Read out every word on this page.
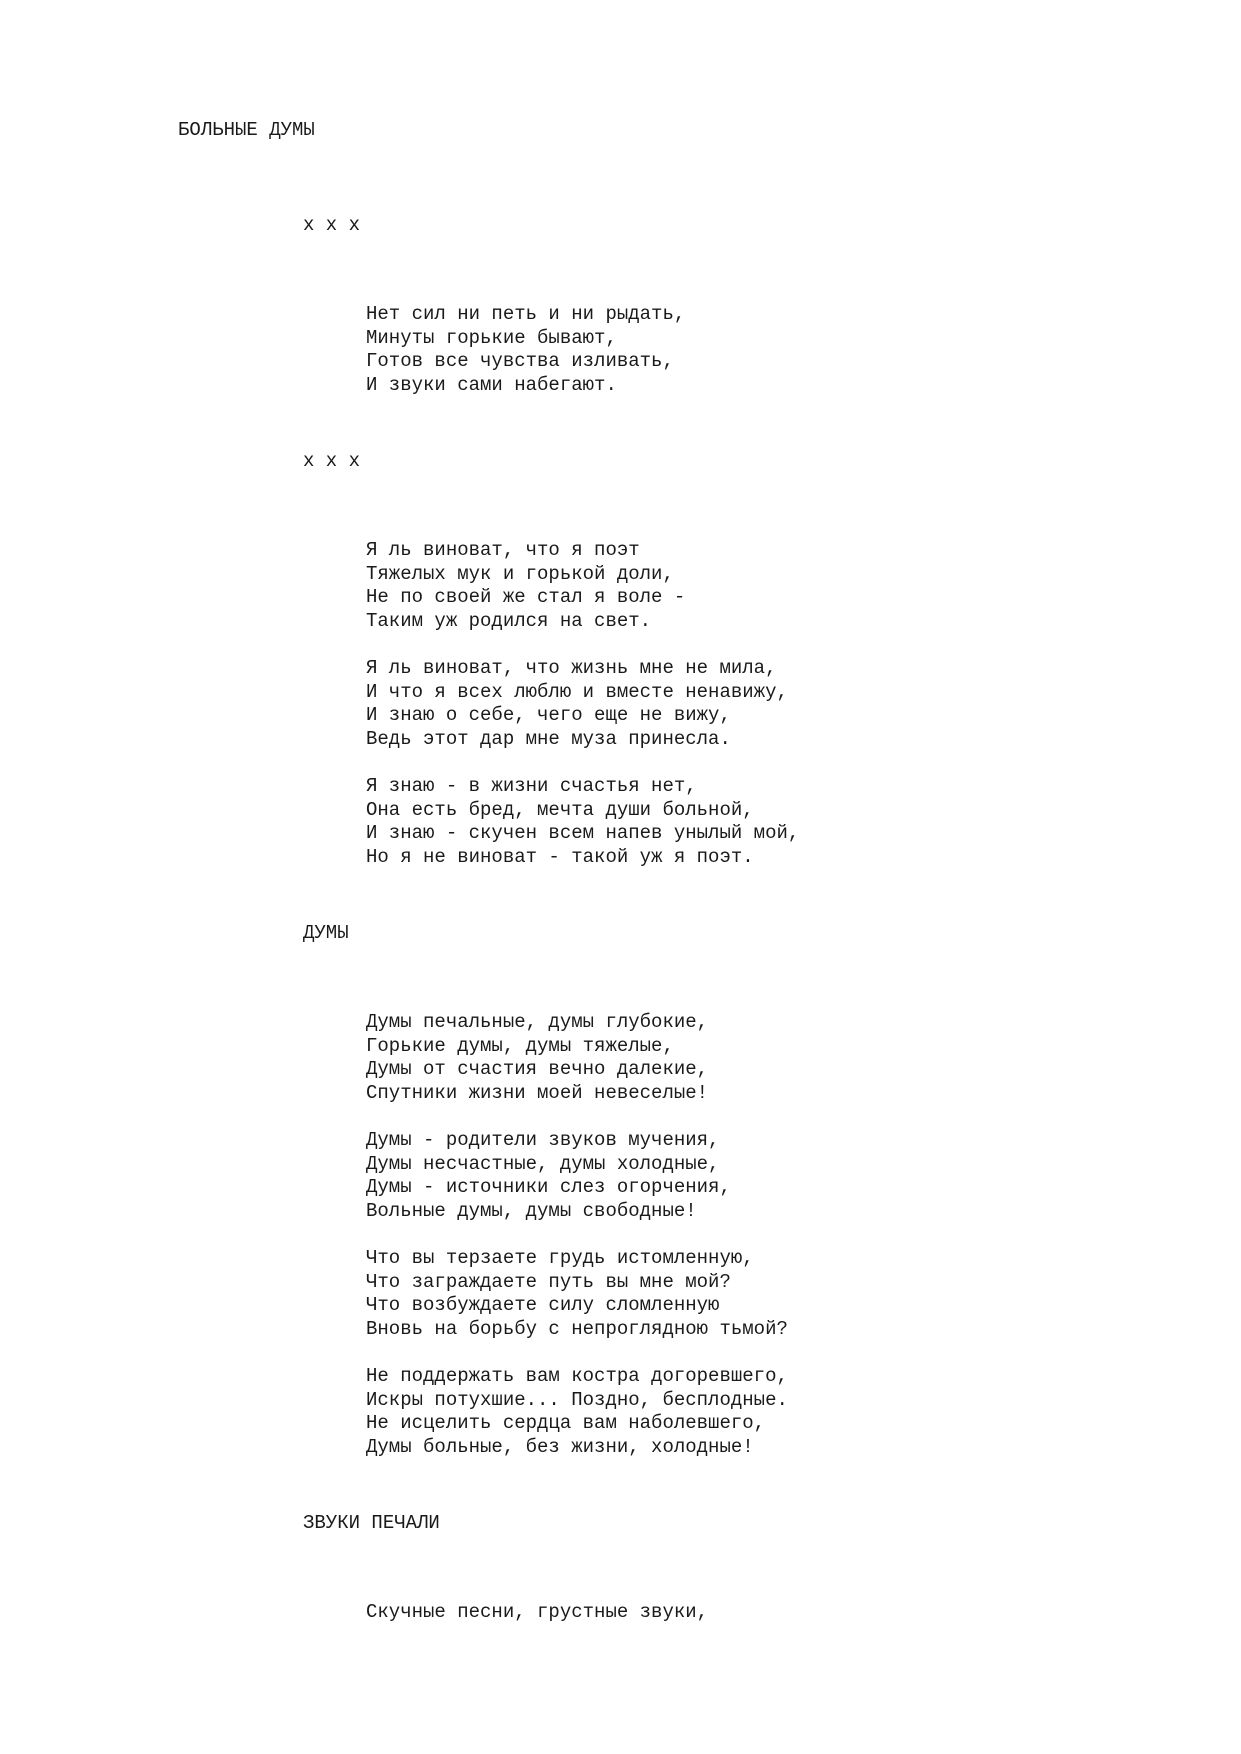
БОЛЬНЫЕ ДУМЫ
x x x
Нет сил ни петь и ни рыдать,
Минуты горькие бывают,
Готов все чувства изливать,
И звуки сами набегают.
x x x
Я ль виноват, что я поэт
Тяжелых мук и горькой доли,
Не по своей же стал я воле -
Таким уж родился на свет.
Я ль виноват, что жизнь мне не мила,
И что я всех люблю и вместе ненавижу,
И знаю о себе, чего еще не вижу,
Ведь этот дар мне муза принесла.
Я знаю - в жизни счастья нет,
Она есть бред, мечта души больной,
И знаю - скучен всем напев унылый мой,
Но я не виноват - такой уж я поэт.
ДУМЫ
Думы печальные, думы глубокие,
Горькие думы, думы тяжелые,
Думы от счастия вечно далекие,
Спутники жизни моей невеселые!
Думы - родители звуков мучения,
Думы несчастные, думы холодные,
Думы - источники слез огорчения,
Вольные думы, думы свободные!
Что вы терзаете грудь истомленную,
Что заграждаете путь вы мне мой?
Что возбуждаете силу сломленную
Вновь на борьбу с непроглядною тьмой?
Не поддержать вам костра догоревшего,
Искры потухшие... Поздно, бесплодные.
Не исцелить сердца вам наболевшего,
Думы больные, без жизни, холодные!
ЗВУКИ ПЕЧАЛИ
Скучные песни, грустные звуки,
